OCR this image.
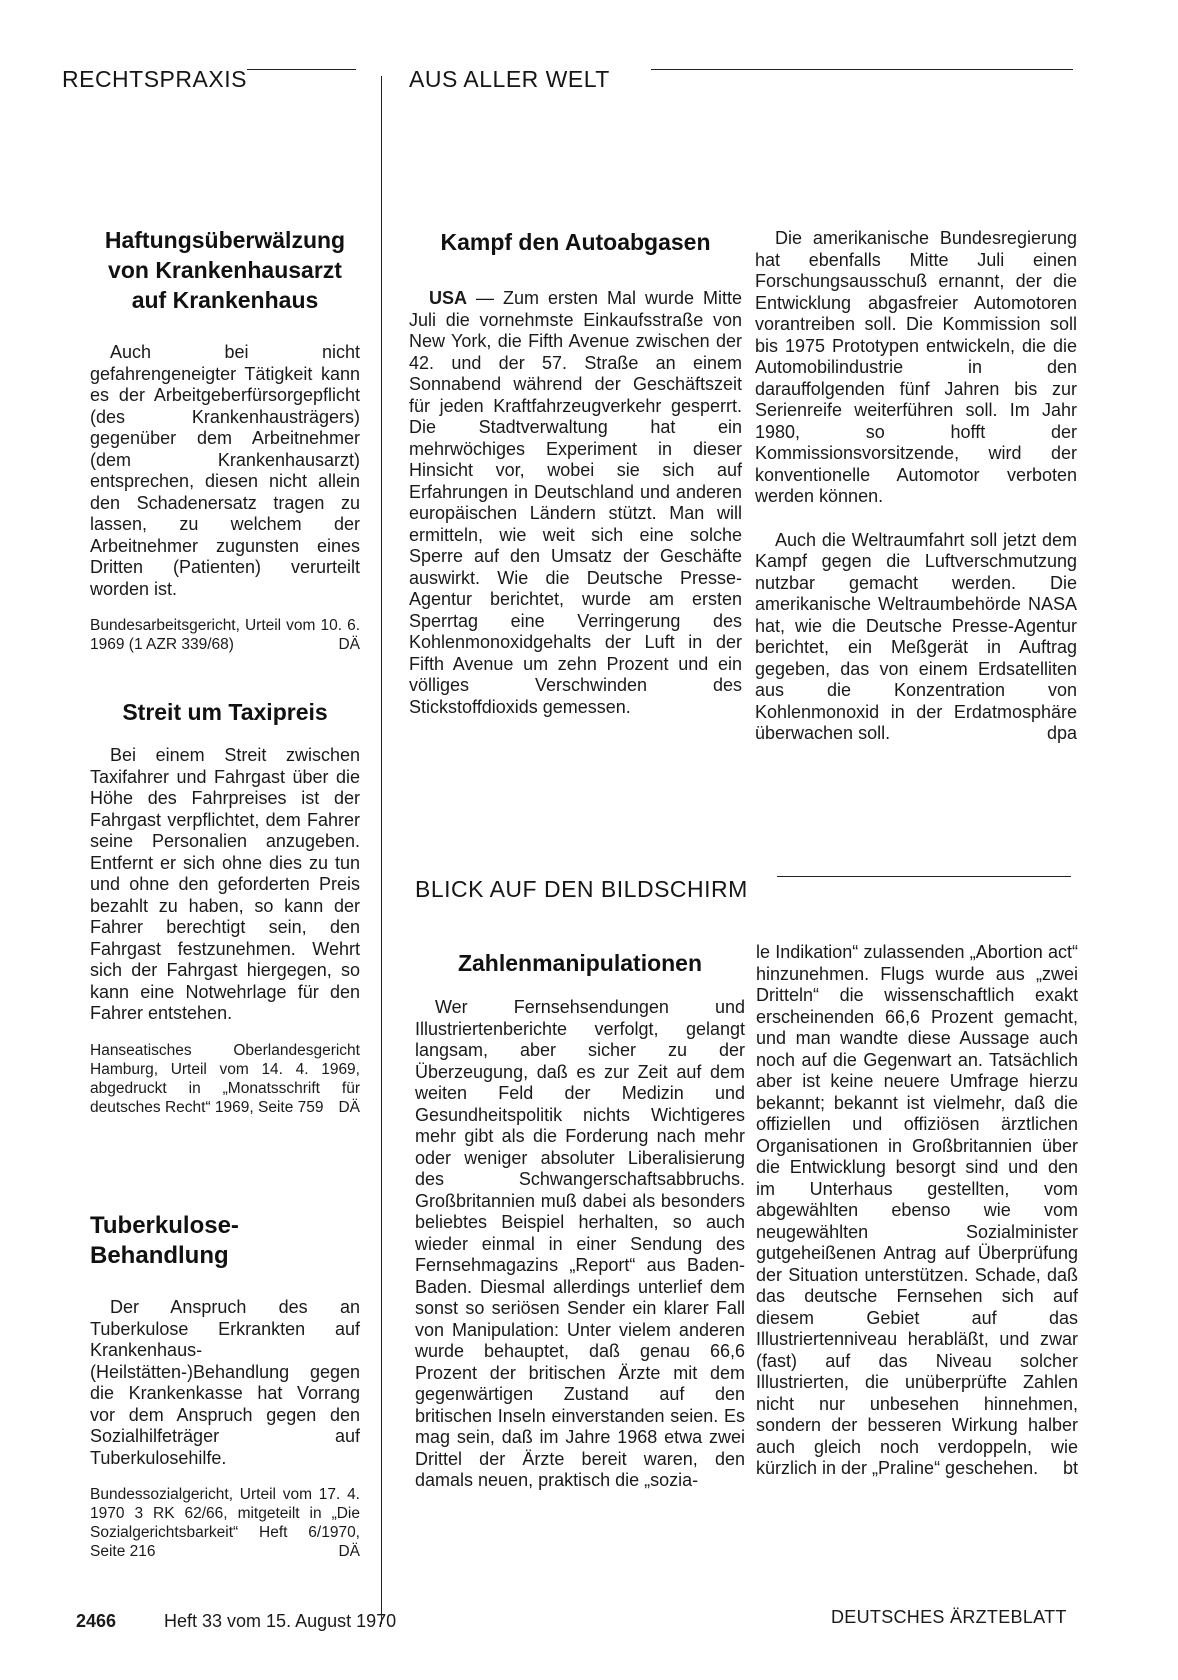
RECHTSPRAXIS	AUS ALLER WELT
BLICK AUF DEN BILDSCHIRM
Haftungsüberwälzung
von Krankenhausarzt
auf Krankenhaus

Auch bei nicht gefahrengeneigter Tätigkeit kann es der Arbeitgeberfürsorgepflicht (des Krankenhausträgers) gegenüber dem Arbeitnehmer (dem Krankenhausarzt) entsprechen, diesen nicht allein den Schadenersatz tragen zu lassen, zu welchem der Arbeitnehmer zugunsten eines Dritten (Patienten) verurteilt worden ist.

Bundesarbeitsgericht, Urteil vom 10. 6. 1969 (1 AZR 339/68)	DÄ

Streit um Taxipreis

Bei einem Streit zwischen Taxifahrer und Fahrgast über die Höhe des Fahrpreises ist der Fahrgast verpflichtet, dem Fahrer seine Personalien anzugeben. Entfernt er sich ohne dies zu tun und ohne den geforderten Preis bezahlt zu haben, so kann der Fahrer berechtigt sein, den Fahrgast festzunehmen. Wehrt sich der Fahrgast hiergegen, so kann eine Notwehrlage für den Fahrer entstehen.

Hanseatisches Oberlandesgericht Hamburg, Urteil vom 14. 4. 1969, abgedruckt in „Monatsschrift für deutsches Recht“ 1969, Seite 759 DÄ

Tuberkulose-
Behandlung

Der Anspruch des an Tuberkulose Erkrankten auf Krankenhaus-(Heilstätten-)Behandlung gegen die Krankenkasse hat Vorrang vor dem Anspruch gegen den Sozialhilfeträger auf Tuberkulosehilfe.

Bundessozialgericht, Urteil vom 17. 4. 1970 3 RK 62/66, mitgeteilt in „Die Sozialgerichtsbarkeit“ Heft 6/1970, Seite 216	DÄ

Kampf den Autoabgasen

USA — Zum ersten Mal wurde Mitte Juli die vornehmste Einkaufsstraße von New York, die Fifth Avenue zwischen der 42. und der 57. Straße an einem Sonnabend während der Geschäftszeit für jeden Kraftfahrzeugverkehr gesperrt. Die Stadtverwaltung hat ein mehrwöchiges Experiment in dieser Hinsicht vor, wobei sie sich auf Erfahrungen in Deutschland und anderen europäischen Ländern stützt. Man will ermitteln, wie weit sich eine solche Sperre auf den Umsatz der Geschäfte auswirkt. Wie die Deutsche Presse-Agentur berichtet, wurde am ersten Sperrtag eine Verringerung des Kohlenmonoxidgehalts der Luft in der Fifth Avenue um zehn Prozent und ein völliges Verschwinden des Stickstoffdioxids gemessen.

Die amerikanische Bundesregierung hat ebenfalls Mitte Juli einen Forschungsausschuß ernannt, der die Entwicklung abgasfreier Automotoren vorantreiben soll. Die Kommission soll bis 1975 Prototypen entwickeln, die die Automobilindustrie in den darauffolgenden fünf Jahren bis zur Serienreife weiterführen soll. Im Jahr 1980, so hofft der Kommissionsvorsitzende, wird der konventionelle Automotor verboten werden können.

Auch die Weltraumfahrt soll jetzt dem Kampf gegen die Luftverschmutzung nutzbar gemacht werden. Die amerikanische Weltraumbehörde NASA hat, wie die Deutsche Presse-Agentur berichtet, ein Meßgerät in Auftrag gegeben, das von einem Erdsatelliten aus die Konzentration von Kohlenmonoxid in der Erdatmosphäre überwachen soll.	dpa

Zahlenmanipulationen

Wer Fernsehsendungen und Illustriertenberichte verfolgt, gelangt langsam, aber sicher zu der Überzeugung, daß es zur Zeit auf dem weiten Feld der Medizin und Gesundheitspolitik nichts Wichtigeres mehr gibt als die Forderung nach mehr oder weniger absoluter Liberalisierung des Schwangerschaftsabbruchs. Großbritannien muß dabei als besonders beliebtes Beispiel herhalten, so auch wieder einmal in einer Sendung des Fernsehmagazins „Report“ aus Baden-Baden. Diesmal allerdings unterlief dem sonst so seriösen Sender ein klarer Fall von Manipulation: Unter vielem anderen wurde behauptet, daß genau 66,6 Prozent der britischen Ärzte mit dem gegenwärtigen Zustand auf den britischen Inseln einverstanden seien. Es mag sein, daß im Jahre 1968 etwa zwei Drittel der Ärzte bereit waren, den damals neuen, praktisch die „sozia-

le Indikation“ zulassenden „Abortion act“ hinzunehmen. Flugs wurde aus „zwei Dritteln“ die wissenschaftlich exakt erscheinenden 66,6 Prozent gemacht, und man wandte diese Aussage auch noch auf die Gegenwart an. Tatsächlich aber ist keine neuere Umfrage hierzu bekannt; bekannt ist vielmehr, daß die offiziellen und offiziösen ärztlichen Organisationen in Großbritannien über die Entwicklung besorgt sind und den im Unterhaus gestellten, vom abgewählten ebenso wie vom neugewählten Sozialminister gutgeheißenen Antrag auf Überprüfung der Situation unterstützen. Schade, daß das deutsche Fernsehen sich auf diesem Gebiet auf das Illustriertenniveau herabläßt, und zwar (fast) auf das Niveau solcher Illustrierten, die unüberprüfte Zahlen nicht nur unbesehen hinnehmen, sondern der besseren Wirkung halber auch gleich noch verdoppeln, wie kürzlich in der „Praline“ geschehen. bt

2466	Heft 33 vom 15. August 1970	DEUTSCHES ÄRZTEBLATT
